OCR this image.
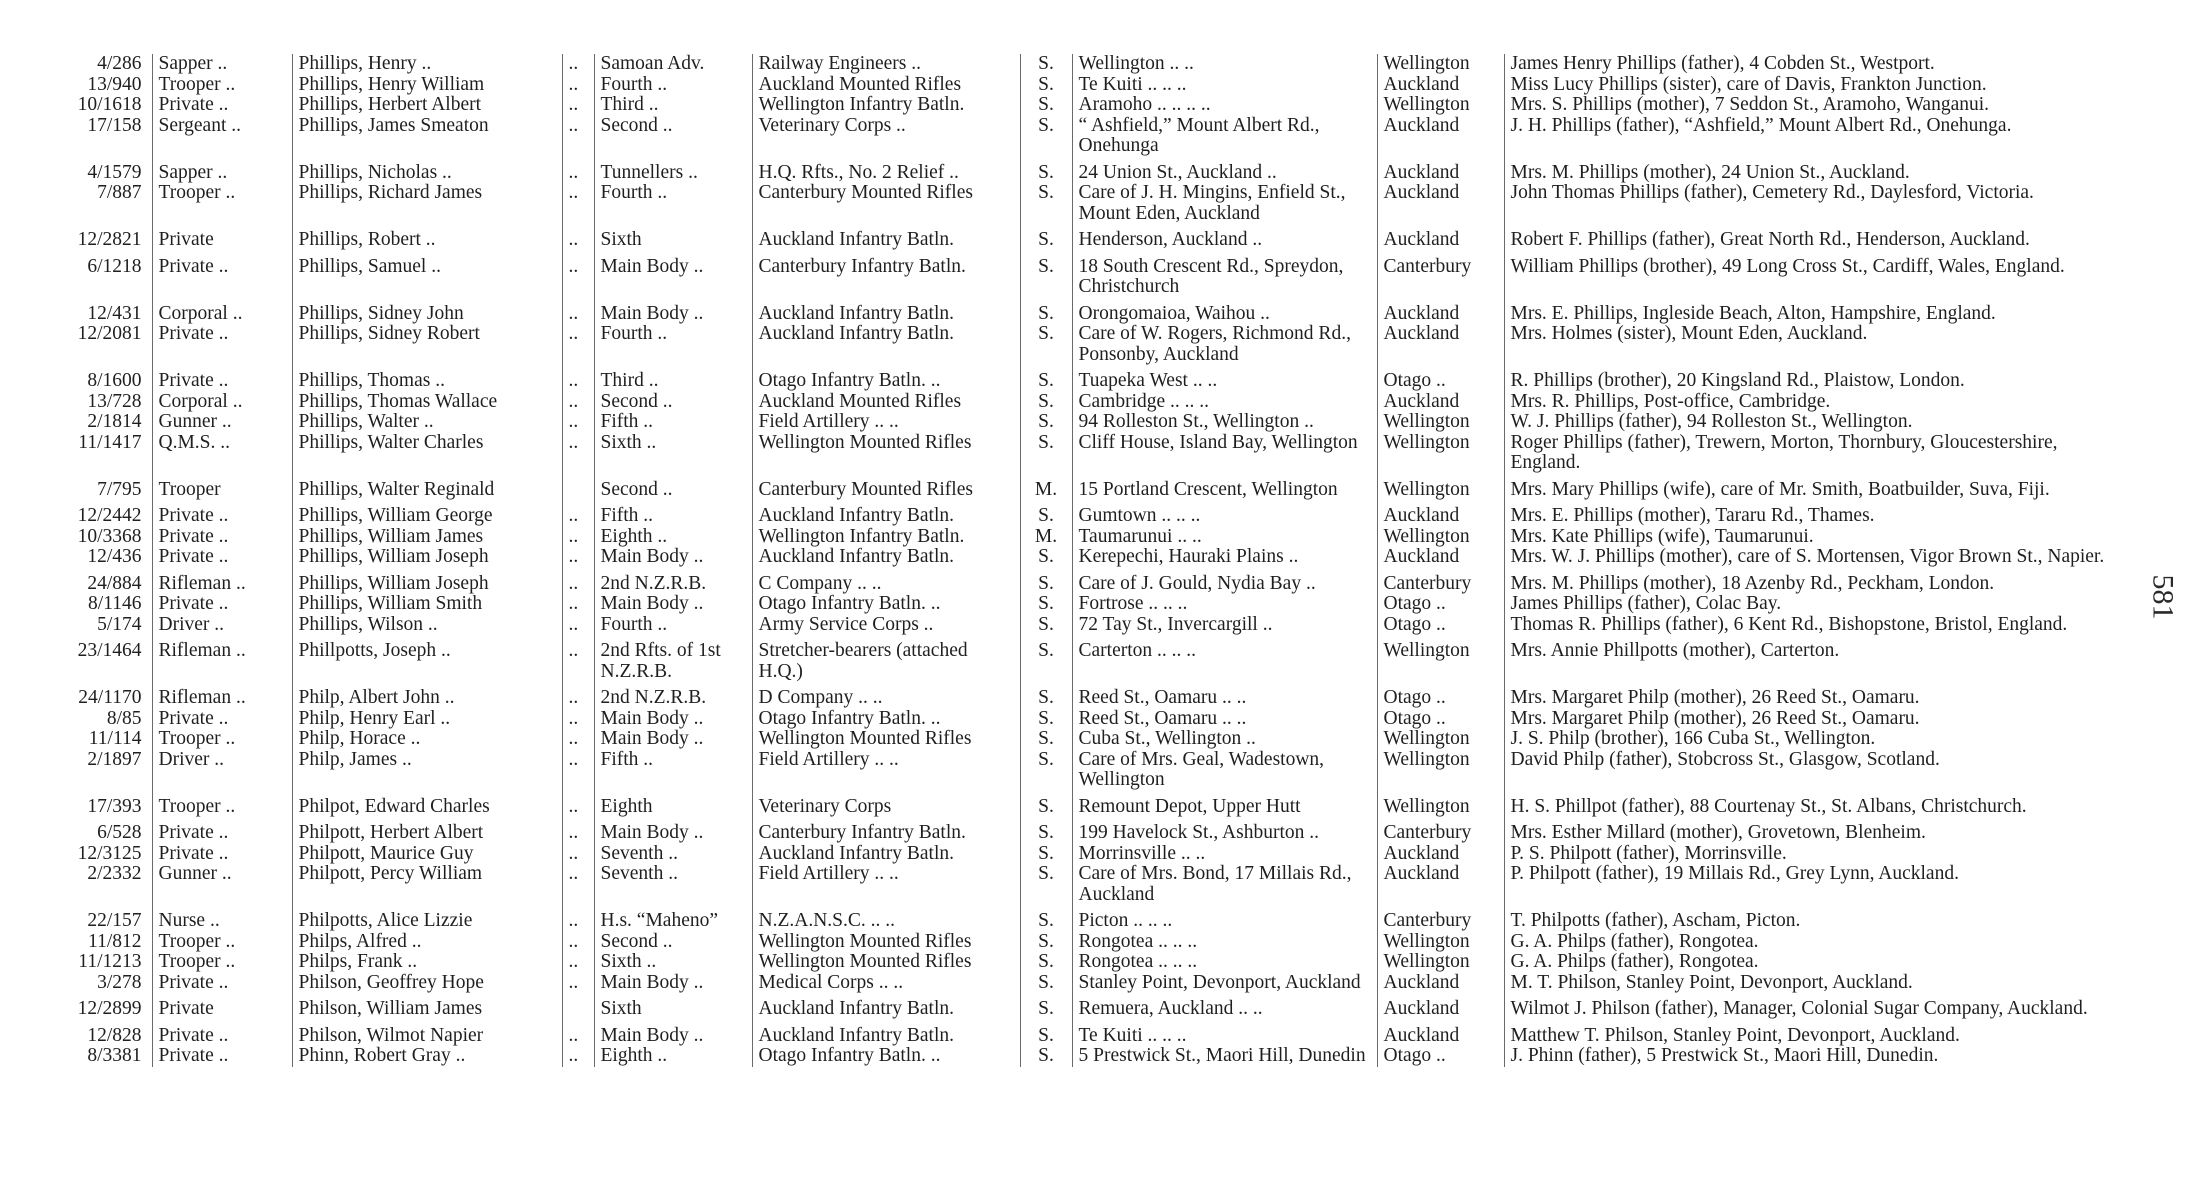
4/286	Sapper ..	Phillips, Henry ..	..	Samoan Adv.	Railway Engineers ..	S.	Wellington .. ..	Wellington	James Henry Phillips (father), 4 Cobden St., Westport.
13/940	Trooper ..	Phillips, Henry William	..	Fourth ..	Auckland Mounted Rifles	S.	Te Kuiti .. .. ..	Auckland	Miss Lucy Phillips (sister), care of Davis, Frankton Junction.
10/1618	Private ..	Phillips, Herbert Albert	..	Third ..	Wellington Infantry Batln.	S.	Aramoho .. .. .. ..	Wellington	Mrs. S. Phillips (mother), 7 Seddon St., Aramoho, Wanganui.
17/158	Sergeant ..	Phillips, James Smeaton	..	Second ..	Veterinary Corps ..	S.	“ Ashfield,” Mount Albert Rd., Onehunga	Auckland	J. H. Phillips (father), “Ashfield,” Mount Albert Rd., Onehunga.
4/1579	Sapper ..	Phillips, Nicholas ..	..	Tunnellers ..	H.Q. Rfts., No. 2 Relief ..	S.	24 Union St., Auckland ..	Auckland	Mrs. M. Phillips (mother), 24 Union St., Auckland.
7/887	Trooper ..	Phillips, Richard James	..	Fourth ..	Canterbury Mounted Rifles	S.	Care of J. H. Mingins, Enfield St., Mount Eden, Auckland	Auckland	John Thomas Phillips (father), Cemetery Rd., Daylesford, Victoria.
12/2821	Private	Phillips, Robert ..	..	Sixth	Auckland Infantry Batln.	S.	Henderson, Auckland ..	Auckland	Robert F. Phillips (father), Great North Rd., Henderson, Auckland.
6/1218	Private ..	Phillips, Samuel ..	..	Main Body ..	Canterbury Infantry Batln.	S.	18 South Crescent Rd., Spreydon, Christchurch	Canterbury	William Phillips (brother), 49 Long Cross St., Cardiff, Wales, England.
12/431	Corporal ..	Phillips, Sidney John	..	Main Body ..	Auckland Infantry Batln.	S.	Orongomaioa, Waihou ..	Auckland	Mrs. E. Phillips, Ingleside Beach, Alton, Hampshire, England.
12/2081	Private ..	Phillips, Sidney Robert	..	Fourth ..	Auckland Infantry Batln.	S.	Care of W. Rogers, Richmond Rd., Ponsonby, Auckland	Auckland	Mrs. Holmes (sister), Mount Eden, Auckland.
8/1600	Private ..	Phillips, Thomas ..	..	Third ..	Otago Infantry Batln. ..	S.	Tuapeka West .. ..	Otago ..	R. Phillips (brother), 20 Kingsland Rd., Plaistow, London.
13/728	Corporal ..	Phillips, Thomas Wallace	..	Second ..	Auckland Mounted Rifles	S.	Cambridge .. .. ..	Auckland	Mrs. R. Phillips, Post-office, Cambridge.
2/1814	Gunner ..	Phillips, Walter ..	..	Fifth ..	Field Artillery .. ..	S.	94 Rolleston St., Wellington ..	Wellington	W. J. Phillips (father), 94 Rolleston St., Wellington.
11/1417	Q.M.S. ..	Phillips, Walter Charles	..	Sixth ..	Wellington Mounted Rifles	S.	Cliff House, Island Bay, Wellington	Wellington	Roger Phillips (father), Trewern, Morton, Thornbury, Gloucestershire, England.
7/795	Trooper	Phillips, Walter Reginald		Second ..	Canterbury Mounted Rifles	M.	15 Portland Crescent, Wellington	Wellington	Mrs. Mary Phillips (wife), care of Mr. Smith, Boatbuilder, Suva, Fiji.
12/2442	Private ..	Phillips, William George	..	Fifth ..	Auckland Infantry Batln.	S.	Gumtown .. .. ..	Auckland	Mrs. E. Phillips (mother), Tararu Rd., Thames.
10/3368	Private ..	Phillips, William James	..	Eighth ..	Wellington Infantry Batln.	M.	Taumarunui .. ..	Wellington	Mrs. Kate Phillips (wife), Taumarunui.
12/436	Private ..	Phillips, William Joseph	..	Main Body ..	Auckland Infantry Batln.	S.	Kerepechi, Hauraki Plains ..	Auckland	Mrs. W. J. Phillips (mother), care of S. Mortensen, Vigor Brown St., Napier.
24/884	Rifleman ..	Phillips, William Joseph	..	2nd N.Z.R.B.	C Company .. ..	S.	Care of J. Gould, Nydia Bay ..	Canterbury	Mrs. M. Phillips (mother), 18 Azenby Rd., Peckham, London.
8/1146	Private ..	Phillips, William Smith	..	Main Body ..	Otago Infantry Batln. ..	S.	Fortrose .. .. ..	Otago ..	James Phillips (father), Colac Bay.
5/174	Driver ..	Phillips, Wilson ..	..	Fourth ..	Army Service Corps ..	S.	72 Tay St., Invercargill ..	Otago ..	Thomas R. Phillips (father), 6 Kent Rd., Bishopstone, Bristol, England.
23/1464	Rifleman ..	Phillpotts, Joseph ..	..	2nd Rfts. of 1st N.Z.R.B.	Stretcher-bearers (attached H.Q.)	S.	Carterton .. .. ..	Wellington	Mrs. Annie Phillpotts (mother), Carterton.
24/1170	Rifleman ..	Philp, Albert John ..	..	2nd N.Z.R.B.	D Company .. ..	S.	Reed St., Oamaru .. ..	Otago ..	Mrs. Margaret Philp (mother), 26 Reed St., Oamaru.
8/85	Private ..	Philp, Henry Earl ..	..	Main Body ..	Otago Infantry Batln. ..	S.	Reed St., Oamaru .. ..	Otago ..	Mrs. Margaret Philp (mother), 26 Reed St., Oamaru.
11/114	Trooper ..	Philp, Horace ..	..	Main Body ..	Wellington Mounted Rifles	S.	Cuba St., Wellington ..	Wellington	J. S. Philp (brother), 166 Cuba St., Wellington.
2/1897	Driver ..	Philp, James ..	..	Fifth ..	Field Artillery .. ..	S.	Care of Mrs. Geal, Wadestown, Wellington	Wellington	David Philp (father), Stobcross St., Glasgow, Scotland.
17/393	Trooper ..	Philpot, Edward Charles	..	Eighth	Veterinary Corps	S.	Remount Depot, Upper Hutt	Wellington	H. S. Phillpot (father), 88 Courtenay St., St. Albans, Christchurch.
6/528	Private ..	Philpott, Herbert Albert	..	Main Body ..	Canterbury Infantry Batln.	S.	199 Havelock St., Ashburton ..	Canterbury	Mrs. Esther Millard (mother), Grovetown, Blenheim.
12/3125	Private ..	Philpott, Maurice Guy	..	Seventh ..	Auckland Infantry Batln.	S.	Morrinsville .. ..	Auckland	P. S. Philpott (father), Morrinsville.
2/2332	Gunner ..	Philpott, Percy William	..	Seventh ..	Field Artillery .. ..	S.	Care of Mrs. Bond, 17 Millais Rd., Auckland	Auckland	P. Philpott (father), 19 Millais Rd., Grey Lynn, Auckland.
22/157	Nurse ..	Philpotts, Alice Lizzie	..	H.s. “Maheno”	N.Z.A.N.S.C. .. ..	S.	Picton .. .. ..	Canterbury	T. Philpotts (father), Ascham, Picton.
11/812	Trooper ..	Philps, Alfred ..	..	Second ..	Wellington Mounted Rifles	S.	Rongotea .. .. ..	Wellington	G. A. Philps (father), Rongotea.
11/1213	Trooper ..	Philps, Frank ..	..	Sixth ..	Wellington Mounted Rifles	S.	Rongotea .. .. ..	Wellington	G. A. Philps (father), Rongotea.
3/278	Private ..	Philson, Geoffrey Hope	..	Main Body ..	Medical Corps .. ..	S.	Stanley Point, Devonport, Auckland	Auckland	M. T. Philson, Stanley Point, Devonport, Auckland.
12/2899	Private	Philson, William James		Sixth	Auckland Infantry Batln.	S.	Remuera, Auckland .. ..	Auckland	Wilmot J. Philson (father), Manager, Colonial Sugar Company, Auckland.
12/828	Private ..	Philson, Wilmot Napier	..	Main Body ..	Auckland Infantry Batln.	S.	Te Kuiti .. .. ..	Auckland	Matthew T. Philson, Stanley Point, Devonport, Auckland.
8/3381	Private ..	Phinn, Robert Gray ..	..	Eighth ..	Otago Infantry Batln. ..	S.	5 Prestwick St., Maori Hill, Dunedin	Otago ..	J. Phinn (father), 5 Prestwick St., Maori Hill, Dunedin.
581
